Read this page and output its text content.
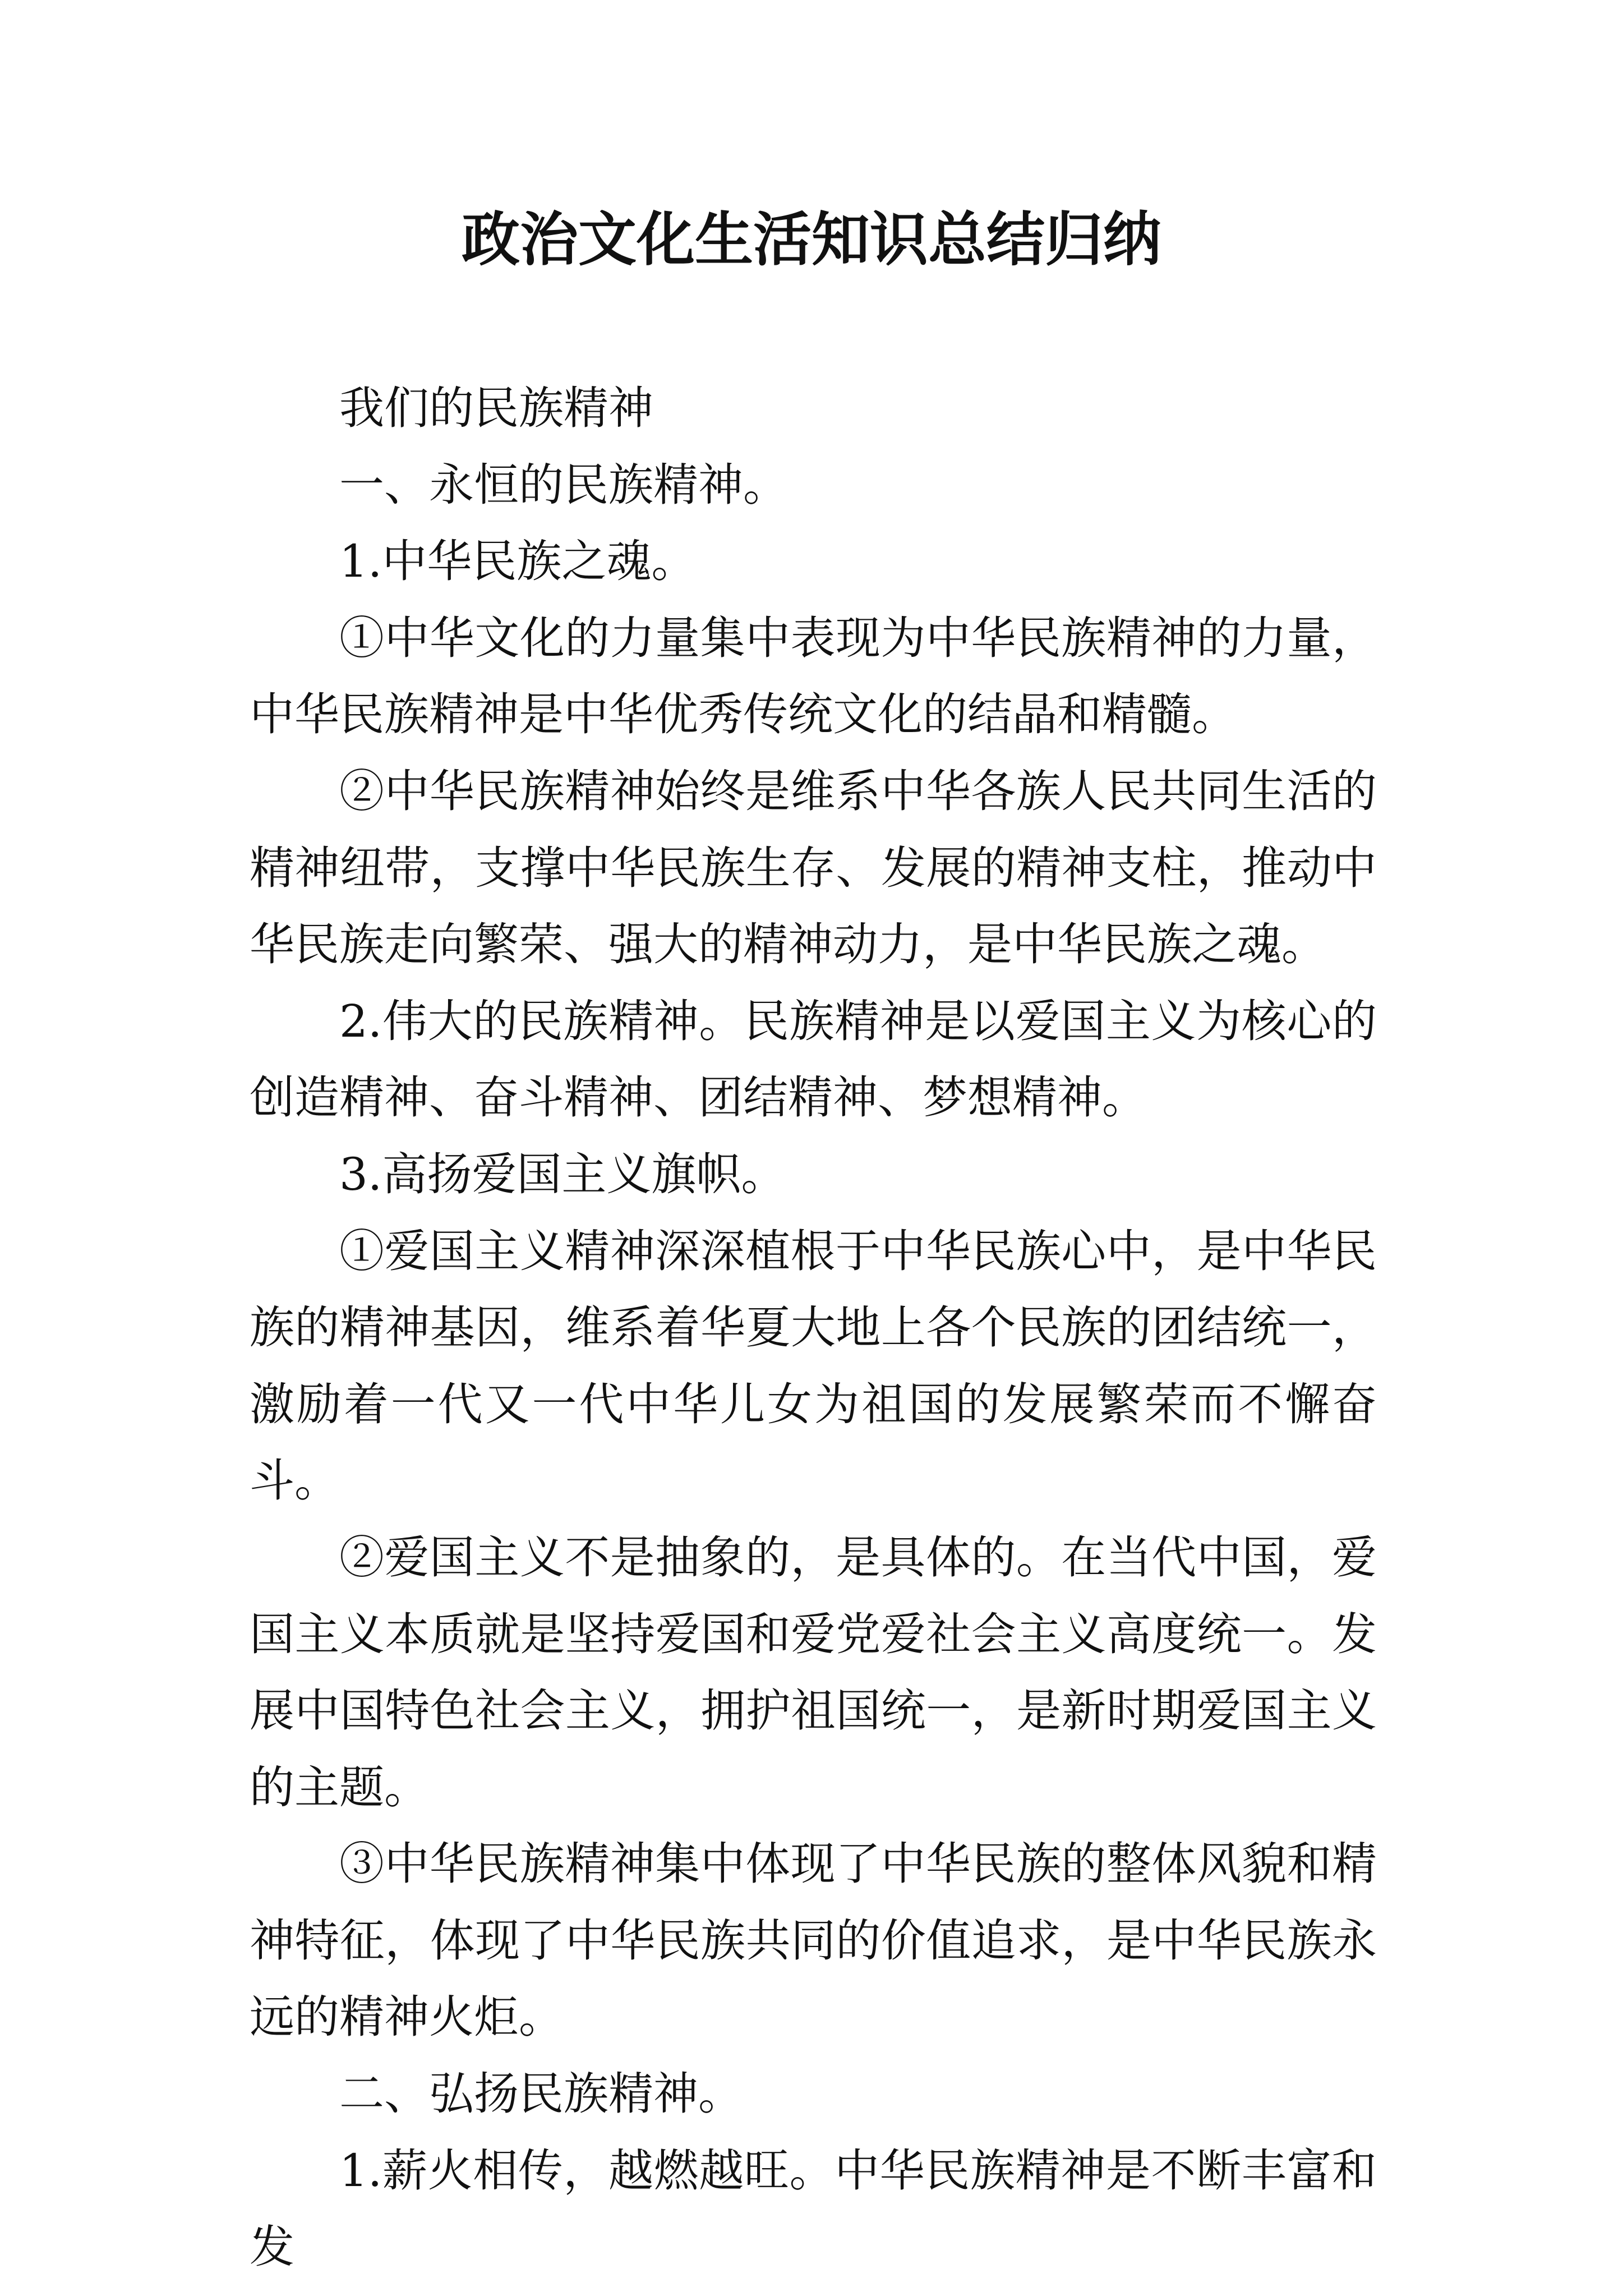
政治文化生活知识总结归纳

我们的民族精神

一、永恒的民族精神。

1.中华民族之魂。

①中华文化的力量集中表现为中华民族精神的力量，中华民族精神是中华优秀传统文化的结晶和精髓。

②中华民族精神始终是维系中华各族人民共同生活的精神纽带，支撑中华民族生存、发展的精神支柱，推动中华民族走向繁荣、强大的精神动力，是中华民族之魂。

2.伟大的民族精神。民族精神是以爱国主义为核心的创造精神、奋斗精神、团结精神、梦想精神。

3.高扬爱国主义旗帜。

①爱国主义精神深深植根于中华民族心中，是中华民族的精神基因，维系着华夏大地上各个民族的团结统一，激励着一代又一代中华儿女为祖国的发展繁荣而不懈奋斗。

②爱国主义不是抽象的，是具体的。在当代中国，爱国主义本质就是坚持爱国和爱党爱社会主义高度统一。发展中国特色社会主义，拥护祖国统一，是新时期爱国主义的主题。

③中华民族精神集中体现了中华民族的整体风貌和精神特征，体现了中华民族共同的价值追求，是中华民族永远的精神火炬。

二、弘扬民族精神。

1.薪火相传，越燃越旺。中华民族精神是不断丰富和发
